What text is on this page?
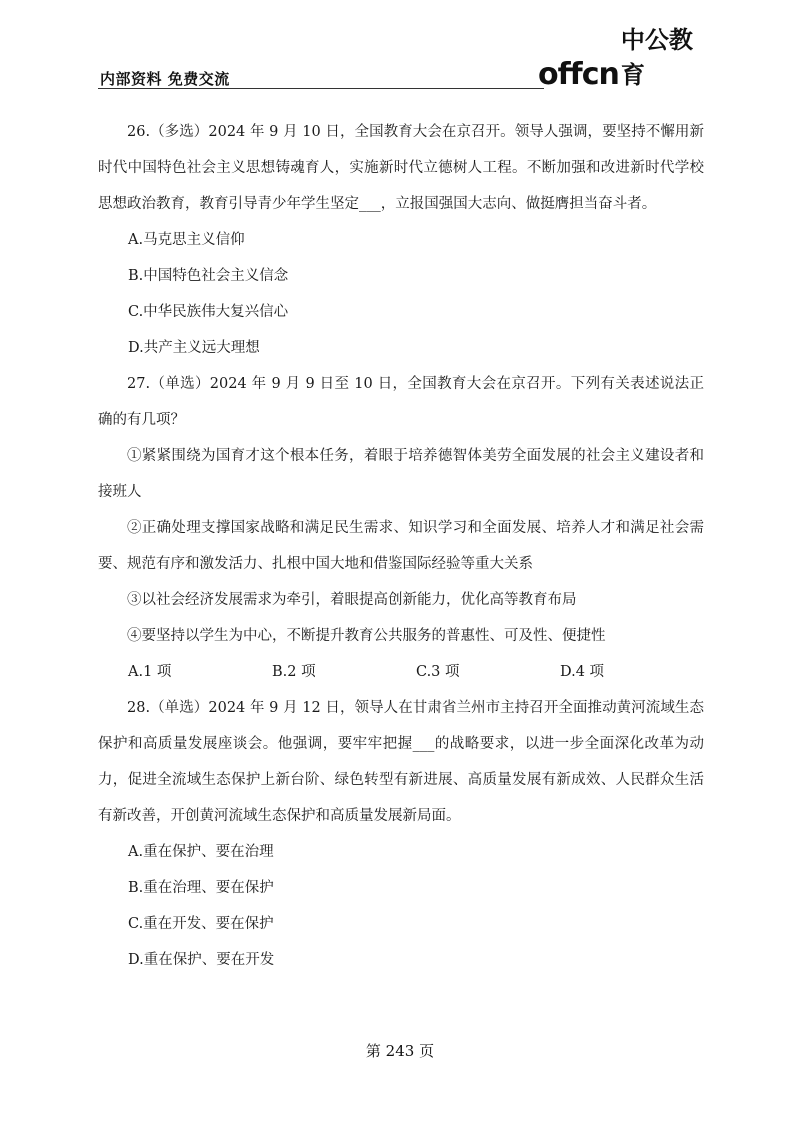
内部资料 免费交流	offcn
中公教育

26.（多选）2024 年 9 月 10 日，全国教育大会在京召开。领导人强调，要坚持不懈用新时代中国特色社会主义思想铸魂育人，实施新时代立德树人工程。不断加强和改进新时代学校思想政治教育，教育引导青少年学生坚定___，立报国强国大志向、做挺膺担当奋斗者。

A.马克思主义信仰

B.中国特色社会主义信念

C.中华民族伟大复兴信心

D.共产主义远大理想

27.（单选）2024 年 9 月 9 日至 10 日，全国教育大会在京召开。下列有关表述说法正确的有几项？

①紧紧围绕为国育才这个根本任务，着眼于培养德智体美劳全面发展的社会主义建设者和接班人

②正确处理支撑国家战略和满足民生需求、知识学习和全面发展、培养人才和满足社会需要、规范有序和激发活力、扎根中国大地和借鉴国际经验等重大关系

③以社会经济发展需求为牵引，着眼提高创新能力，优化高等教育布局

④要坚持以学生为中心，不断提升教育公共服务的普惠性、可及性、便捷性

A.1 项	B.2 项	C.3 项	D.4 项

28.（单选）2024 年 9 月 12 日，领导人在甘肃省兰州市主持召开全面推动黄河流域生态保护和高质量发展座谈会。他强调，要牢牢把握___的战略要求，以进一步全面深化改革为动力，促进全流域生态保护上新台阶、绿色转型有新进展、高质量发展有新成效、人民群众生活有新改善，开创黄河流域生态保护和高质量发展新局面。

A.重在保护、要在治理

B.重在治理、要在保护

C.重在开发、要在保护

D.重在保护、要在开发

第 243 页
